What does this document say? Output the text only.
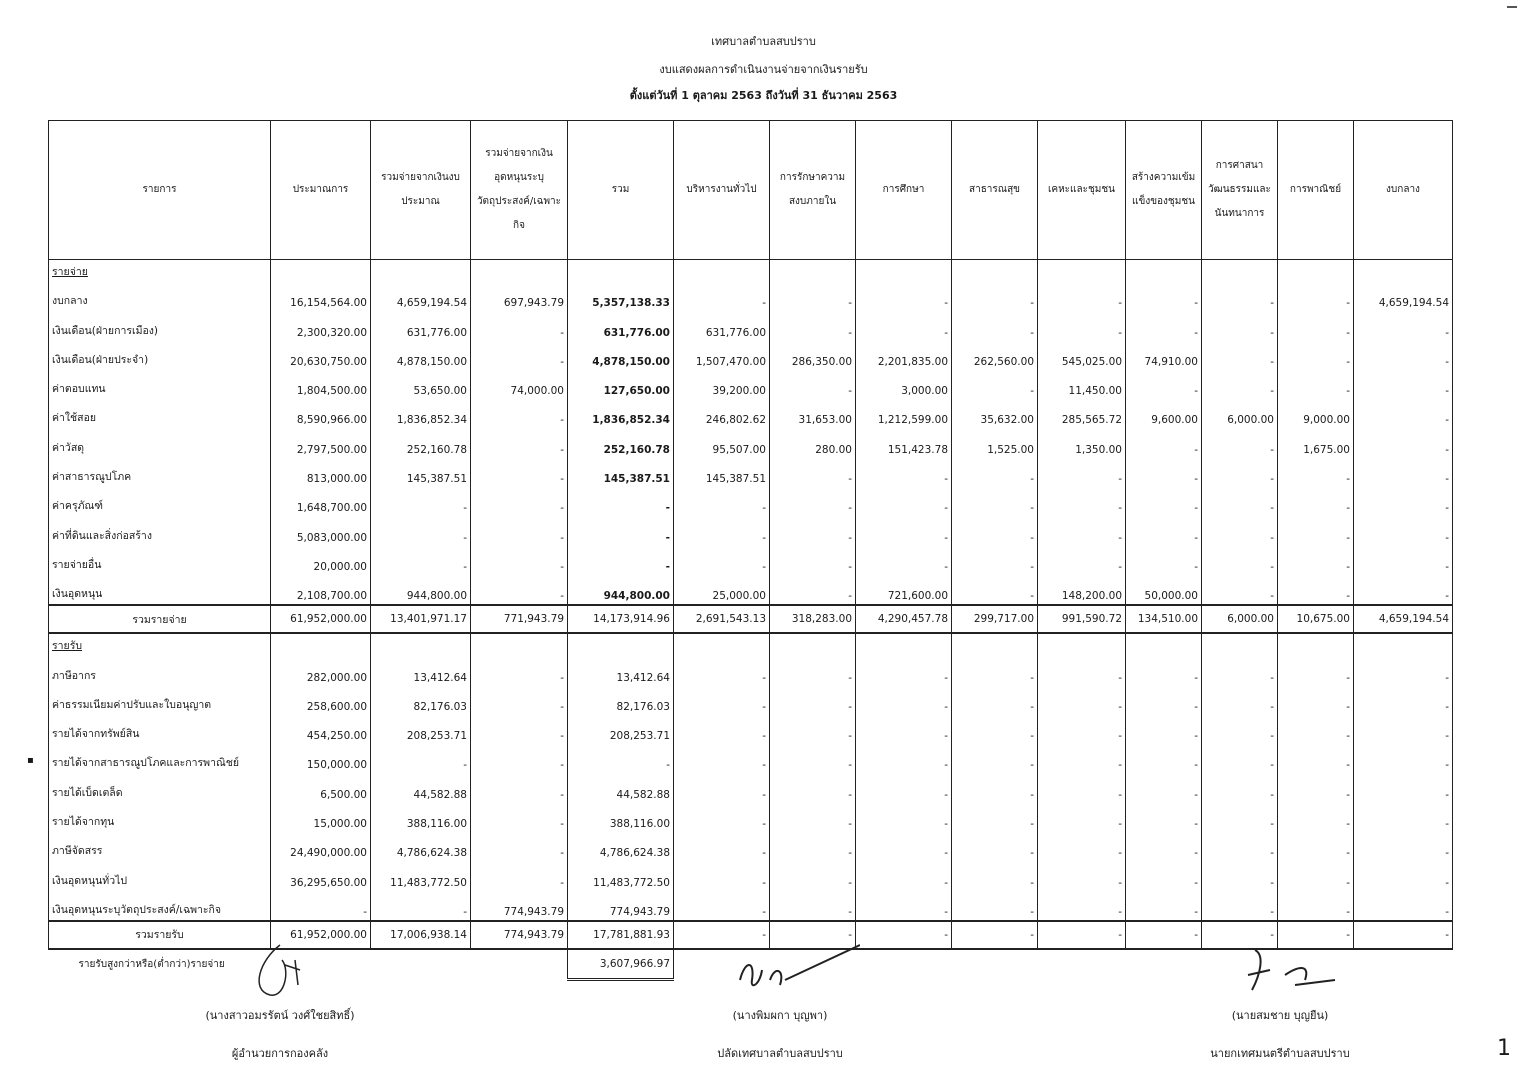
เทศบาลตำบลสบปราบ
งบแสดงผลการดำเนินงานจ่ายจากเงินรายรับ
ตั้งแต่วันที่ 1 ตุลาคม 2563 ถึงวันที่ 31 ธันวาคม 2563
รายการ	ประมาณการ	รวมจ่ายจากเงินงบประมาณ	รวมจ่ายจากเงินอุดหนุนระบุวัตถุประสงค์/เฉพาะกิจ	รวม	บริหารงานทั่วไป	การรักษาความสงบภายใน	การศึกษา	สาธารณสุข	เคหะและชุมชน	สร้างความเข้มแข็งของชุมชน	การศาสนาวัฒนธรรมและนันทนาการ	การพาณิชย์	งบกลาง
รายจ่าย													
งบกลาง	16,154,564.00	4,659,194.54	697,943.79	5,357,138.33	-	-	-	-	-	-	-	-	4,659,194.54
เงินเดือน(ฝ่ายการเมือง)	2,300,320.00	631,776.00	-	631,776.00	631,776.00	-	-	-	-	-	-	-	-
เงินเดือน(ฝ่ายประจำ)	20,630,750.00	4,878,150.00	-	4,878,150.00	1,507,470.00	286,350.00	2,201,835.00	262,560.00	545,025.00	74,910.00	-	-	-
ค่าตอบแทน	1,804,500.00	53,650.00	74,000.00	127,650.00	39,200.00	-	3,000.00	-	11,450.00	-	-	-	-
ค่าใช้สอย	8,590,966.00	1,836,852.34	-	1,836,852.34	246,802.62	31,653.00	1,212,599.00	35,632.00	285,565.72	9,600.00	6,000.00	9,000.00	-
ค่าวัสดุ	2,797,500.00	252,160.78	-	252,160.78	95,507.00	280.00	151,423.78	1,525.00	1,350.00	-	-	1,675.00	-
ค่าสาธารณูปโภค	813,000.00	145,387.51	-	145,387.51	145,387.51	-	-	-	-	-	-	-	-
ค่าครุภัณฑ์	1,648,700.00	-	-	-	-	-	-	-	-	-	-	-	-
ค่าที่ดินและสิ่งก่อสร้าง	5,083,000.00	-	-	-	-	-	-	-	-	-	-	-	-
รายจ่ายอื่น	20,000.00	-	-	-	-	-	-	-	-	-	-	-	-
เงินอุดหนุน	2,108,700.00	944,800.00	-	944,800.00	25,000.00	-	721,600.00	-	148,200.00	50,000.00	-	-	-
รวมรายจ่าย	61,952,000.00	13,401,971.17	771,943.79	14,173,914.96	2,691,543.13	318,283.00	4,290,457.78	299,717.00	991,590.72	134,510.00	6,000.00	10,675.00	4,659,194.54
รายรับ													
ภาษีอากร	282,000.00	13,412.64	-	13,412.64	-	-	-	-	-	-	-	-	-
ค่าธรรมเนียมค่าปรับและใบอนุญาต	258,600.00	82,176.03	-	82,176.03	-	-	-	-	-	-	-	-	-
รายได้จากทรัพย์สิน	454,250.00	208,253.71	-	208,253.71	-	-	-	-	-	-	-	-	-
รายได้จากสาธารณูปโภคและการพาณิชย์	150,000.00	-	-	-	-	-	-	-	-	-	-	-	-
รายได้เบ็ดเตล็ด	6,500.00	44,582.88	-	44,582.88	-	-	-	-	-	-	-	-	-
รายได้จากทุน	15,000.00	388,116.00	-	388,116.00	-	-	-	-	-	-	-	-	-
ภาษีจัดสรร	24,490,000.00	4,786,624.38	-	4,786,624.38	-	-	-	-	-	-	-	-	-
เงินอุดหนุนทั่วไป	36,295,650.00	11,483,772.50	-	11,483,772.50	-	-	-	-	-	-	-	-	-
เงินอุดหนุนระบุวัตถุประสงค์/เฉพาะกิจ	-	-	774,943.79	774,943.79	-	-	-	-	-	-	-	-	-
รวมรายรับ	61,952,000.00	17,006,938.14	774,943.79	17,781,881.93	-	-	-	-	-	-	-	-	-
รายรับสูงกว่าหรือ(ต่ำกว่า)รายจ่าย				3,607,966.97									
▪
(นางสาวอมรรัตน์ วงศ์ใชยสิทธิ์)
ผู้อำนวยการกองคลัง
(นางพิมผกา บุญพา)
ปลัดเทศบาลตำบลสบปราบ
(นายสมชาย บุญยืน)
นายกเทศมนตรีตำบลสบปราบ	1
